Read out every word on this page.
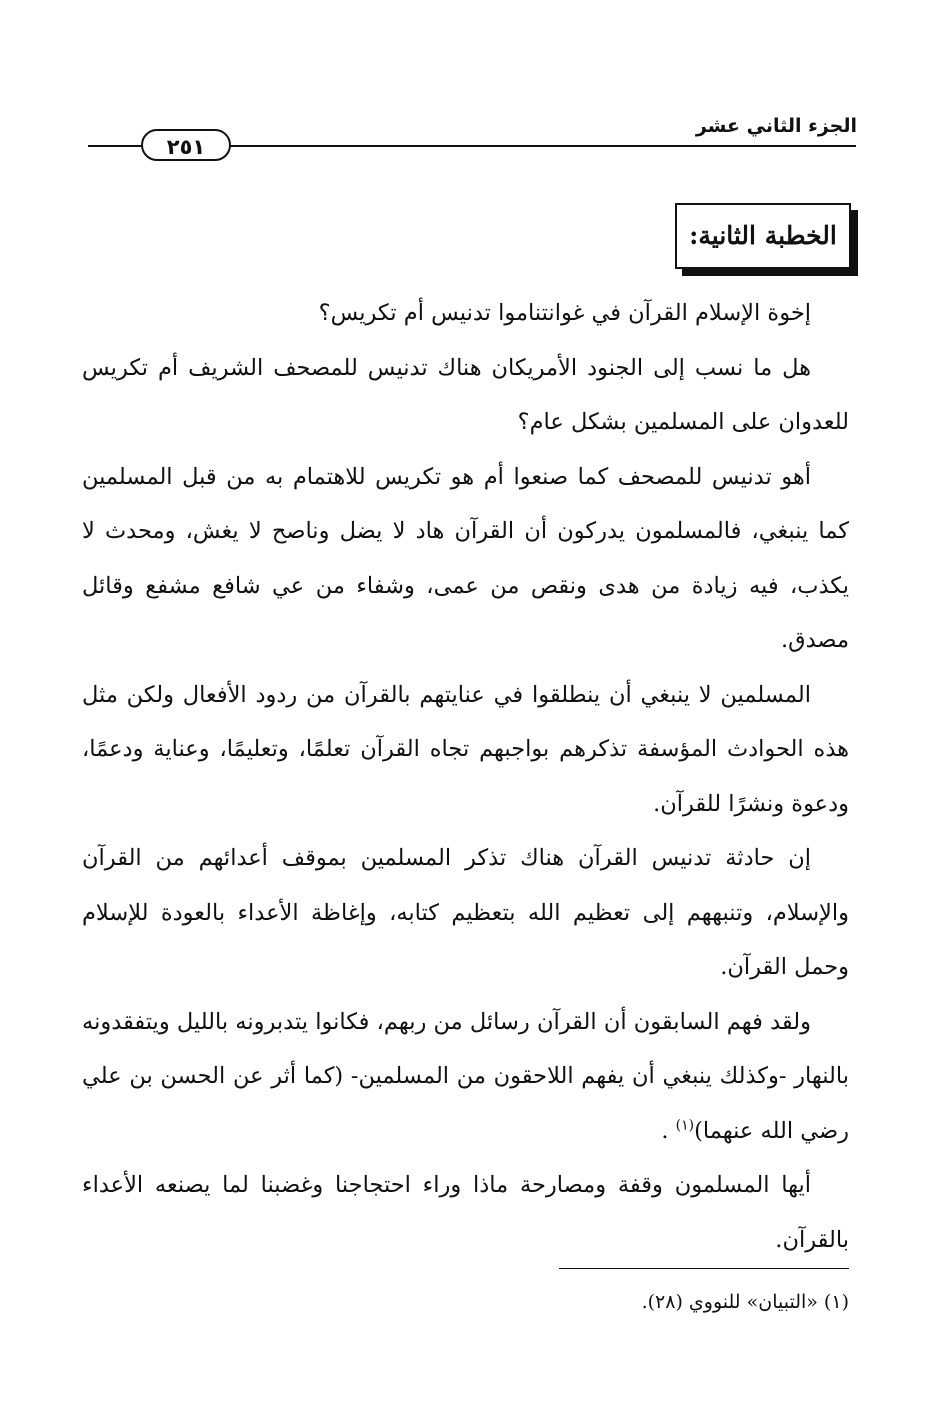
الجزء الثاني عشر
٢٥١
الخطبة الثانية:

إخوة الإسلام القرآن في غوانتناموا تدنيس أم تكريس؟

هل ما نسب إلى الجنود الأمريكان هناك تدنيس للمصحف الشريف أم تكريس للعدوان على المسلمين بشكل عام؟

أهو تدنيس للمصحف كما صنعوا أم هو تكريس للاهتمام به من قبل المسلمين كما ينبغي، فالمسلمون يدركون أن القرآن هاد لا يضل وناصح لا يغش، ومحدث لا يكذب، فيه زيادة من هدى ونقص من عمى، وشفاء من عي شافع مشفع وقائل مصدق.

المسلمين لا ينبغي أن ينطلقوا في عنايتهم بالقرآن من ردود الأفعال ولكن مثل هذه الحوادث المؤسفة تذكرهم بواجبهم تجاه القرآن تعلمًا، وتعليمًا، وعناية ودعمًا، ودعوة ونشرًا للقرآن.

إن حادثة تدنيس القرآن هناك تذكر المسلمين بموقف أعدائهم من القرآن والإسلام، وتنبههم إلى تعظيم الله بتعظيم كتابه، وإغاظة الأعداء بالعودة للإسلام وحمل القرآن.

ولقد فهم السابقون أن القرآن رسائل من ربهم، فكانوا يتدبرونه بالليل ويتفقدونه بالنهار -وكذلك ينبغي أن يفهم اللاحقون من المسلمين- (كما أثر عن الحسن بن علي رضي الله عنهما)$^{(١)}$ .

أيها المسلمون وقفة ومصارحة ماذا وراء احتجاجنا وغضبنا لما يصنعه الأعداء بالقرآن.

(١) «التبيان» للنووي (٢٨).
